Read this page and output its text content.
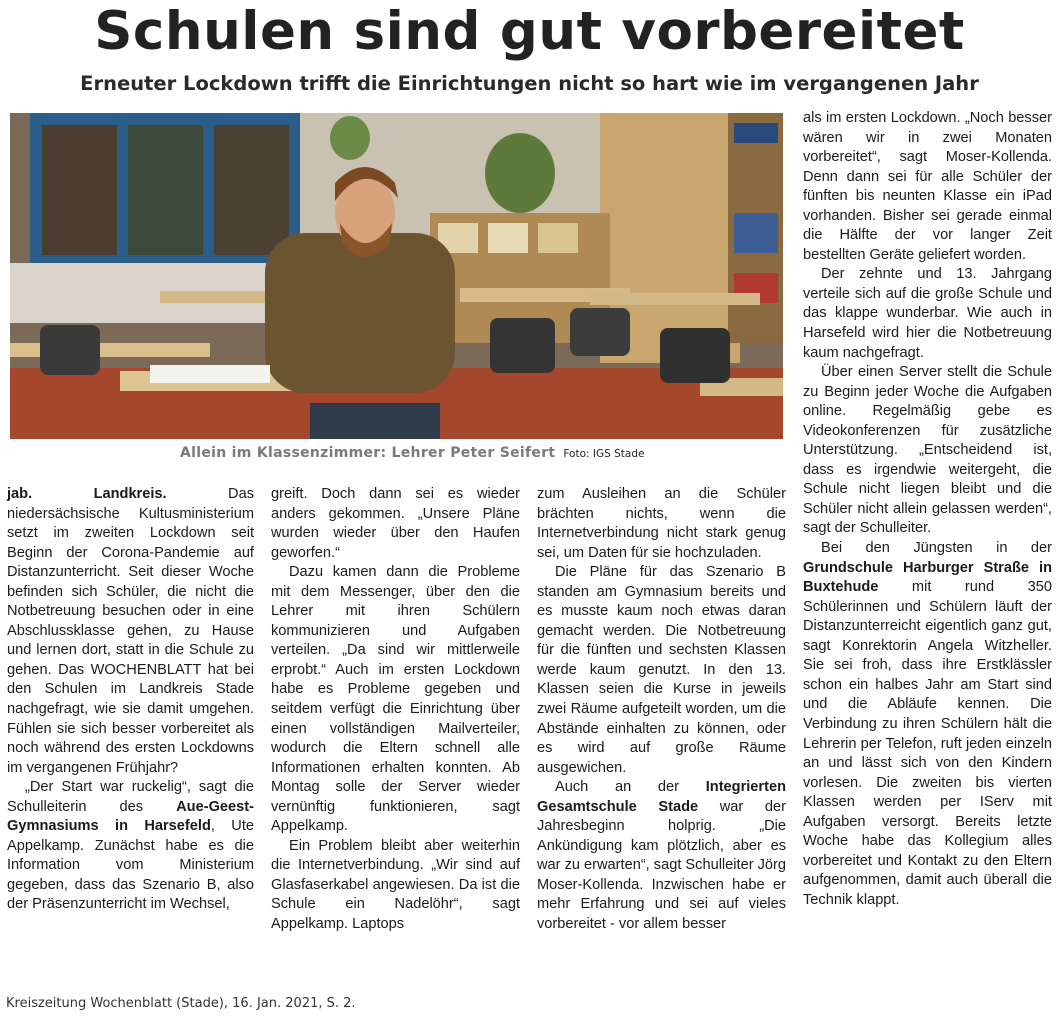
Schulen sind gut vorbereitet
Erneuter Lockdown trifft die Einrichtungen nicht so hart wie im vergangenen Jahr
Allein im Klassenzimmer: Lehrer Peter Seifert Foto: IGS Stade

jab. Landkreis. Das niedersächsische Kultusministerium setzt im zweiten Lockdown seit Beginn der Corona-Pandemie auf Distanzunterricht. Seit dieser Woche befinden sich Schüler, die nicht die Notbetreuung besuchen oder in eine Abschlussklasse gehen, zu Hause und lernen dort, statt in die Schule zu gehen. Das WOCHENBLATT hat bei den Schulen im Landkreis Stade nachgefragt, wie sie damit umgehen. Fühlen sie sich besser vorbereitet als noch während des ersten Lockdowns im vergangenen Frühjahr?

„Der Start war ruckelig“, sagt die Schulleiterin des Aue-Geest-Gymnasiums in Harsefeld, Ute Appelkamp. Zunächst habe es die Information vom Ministerium gegeben, dass das Szenario B, also der Präsenzunterricht im Wechsel,

greift. Doch dann sei es wieder anders gekommen. „Unsere Pläne wurden wieder über den Haufen geworfen.“

Dazu kamen dann die Probleme mit dem Messenger, über den die Lehrer mit ihren Schülern kommunizieren und Aufgaben verteilen. „Da sind wir mittlerweile erprobt.“ Auch im ersten Lockdown habe es Probleme gegeben und seitdem verfügt die Einrichtung über einen vollständigen Mailverteiler, wodurch die Eltern schnell alle Informationen erhalten konnten. Ab Montag solle der Server wieder vernünftig funktionieren, sagt Appelkamp.

Ein Problem bleibt aber weiterhin die Internetverbindung. „Wir sind auf Glasfaserkabel angewiesen. Da ist die Schule ein Nadelöhr“, sagt Appelkamp. Laptops

zum Ausleihen an die Schüler brächten nichts, wenn die Internetverbindung nicht stark genug sei, um Daten für sie hochzuladen.

Die Pläne für das Szenario B standen am Gymnasium bereits und es musste kaum noch etwas daran gemacht werden. Die Notbetreuung für die fünften und sechsten Klassen werde kaum genutzt. In den 13. Klassen seien die Kurse in jeweils zwei Räume aufgeteilt worden, um die Abstände einhalten zu können, oder es wird auf große Räume ausgewichen.

Auch an der Integrierten Gesamtschule Stade war der Jahresbeginn holprig. „Die Ankündigung kam plötzlich, aber es war zu erwarten“, sagt Schulleiter Jörg Moser-Kollenda. Inzwischen habe er mehr Erfahrung und sei auf vieles vorbereitet - vor allem besser

als im ersten Lockdown. „Noch besser wären wir in zwei Monaten vorbereitet“, sagt Moser-Kollenda. Denn dann sei für alle Schüler der fünften bis neunten Klasse ein iPad vorhanden. Bisher sei gerade einmal die Hälfte der vor langer Zeit bestellten Geräte geliefert worden.

Der zehnte und 13. Jahrgang verteile sich auf die große Schule und das klappe wunderbar. Wie auch in Harsefeld wird hier die Notbetreuung kaum nachgefragt.

Über einen Server stellt die Schule zu Beginn jeder Woche die Aufgaben online. Regelmäßig gebe es Videokonferenzen für zusätzliche Unterstützung. „Entscheidend ist, dass es irgendwie weitergeht, die Schule nicht liegen bleibt und die Schüler nicht allein gelassen werden“, sagt der Schulleiter.

Bei den Jüngsten in der Grundschule Harburger Straße in Buxtehude mit rund 350 Schülerinnen und Schülern läuft der Distanzunterreicht eigentlich ganz gut, sagt Konrektorin Angela Witzheller. Sie sei froh, dass ihre Erstklässler schon ein halbes Jahr am Start sind und die Abläufe kennen. Die Verbindung zu ihren Schülern hält die Lehrerin per Telefon, ruft jeden einzeln an und lässt sich von den Kindern vorlesen. Die zweiten bis vierten Klassen werden per IServ mit Aufgaben versorgt. Bereits letzte Woche habe das Kollegium alles vorbereitet und Kontakt zu den Eltern aufgenommen, damit auch überall die Technik klappt.

Kreiszeitung Wochenblatt (Stade), 16. Jan. 2021, S. 2.
